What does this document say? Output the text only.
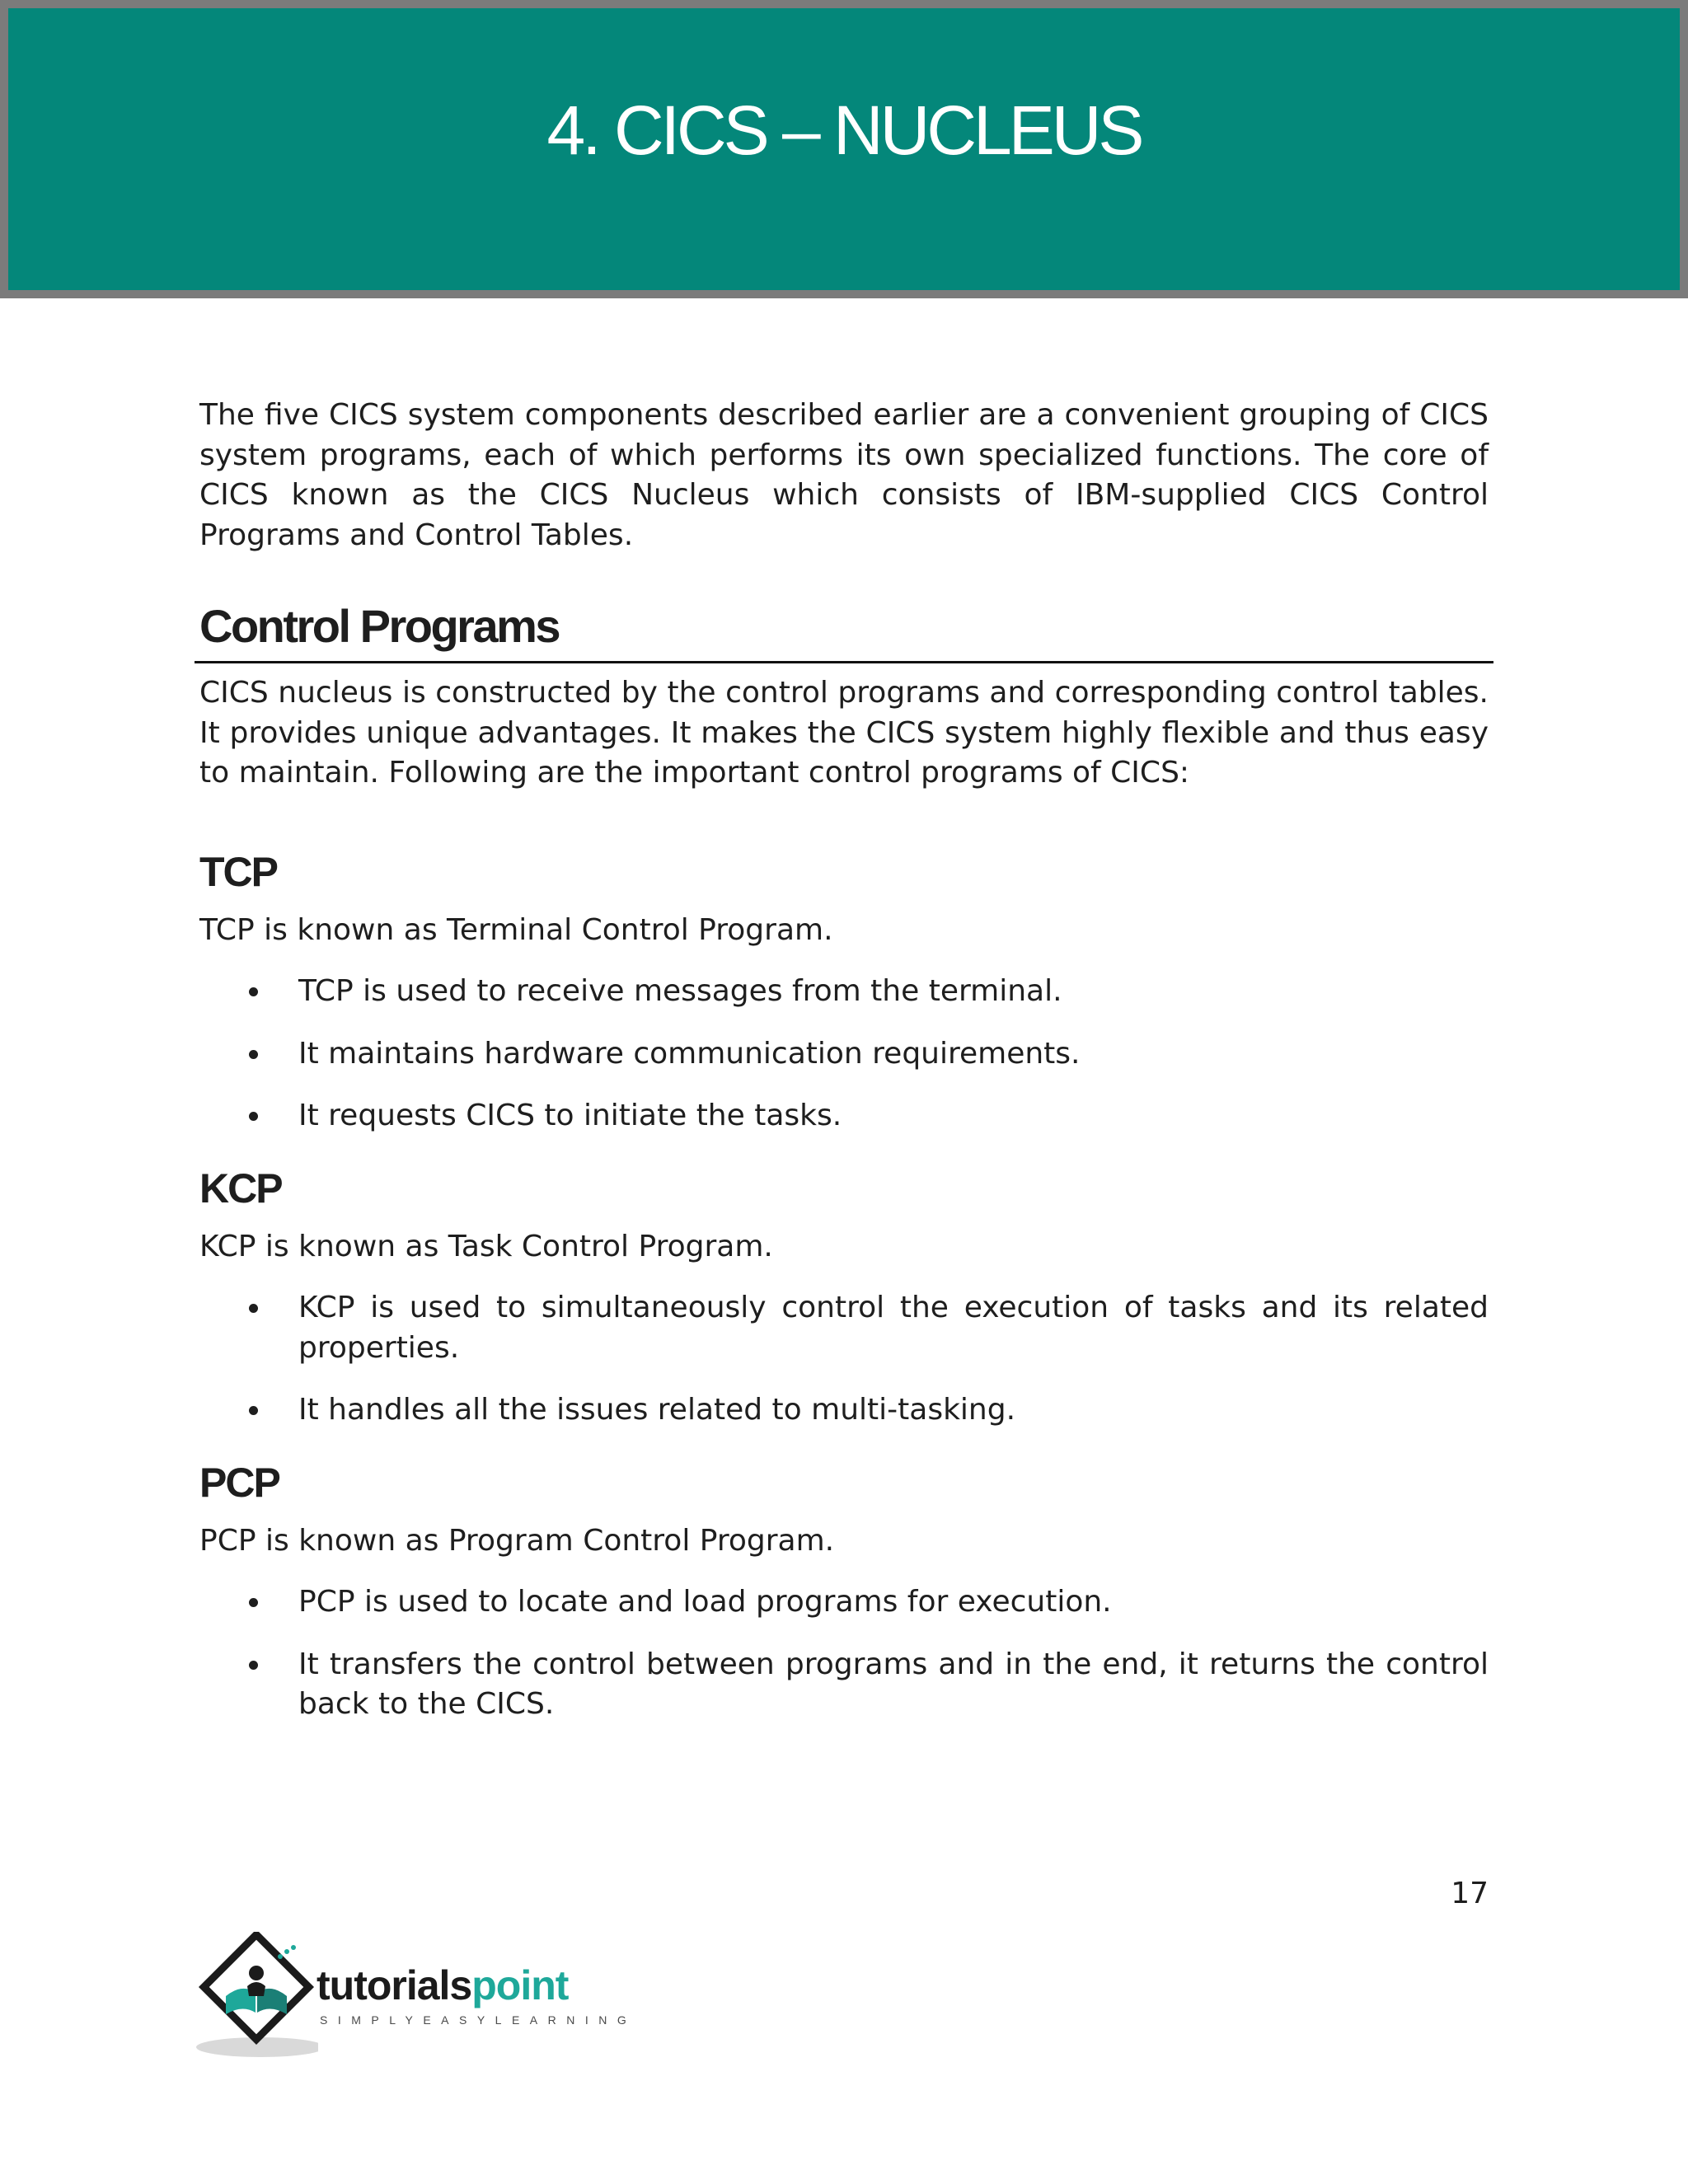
4. CICS – NUCLEUS

The five CICS system components described earlier are a convenient grouping of CICS system programs, each of which performs its own specialized functions. The core of CICS known as the CICS Nucleus which consists of IBM-supplied CICS Control Programs and Control Tables.

Control Programs

CICS nucleus is constructed by the control programs and corresponding control tables. It provides unique advantages. It makes the CICS system highly flexible and thus easy to maintain. Following are the important control programs of CICS:

TCP

TCP is known as Terminal Control Program.

TCP is used to receive messages from the terminal.
It maintains hardware communication requirements.
It requests CICS to initiate the tasks.
KCP

KCP is known as Task Control Program.

KCP is used to simultaneously control the execution of tasks and its related properties.
It handles all the issues related to multi-tasking.
PCP

PCP is known as Program Control Program.

PCP is used to locate and load programs for execution.
It transfers the control between programs and in the end, it returns the control back to the CICS.
17
tutorialspoint
SIMPLYEASYLEARNING
